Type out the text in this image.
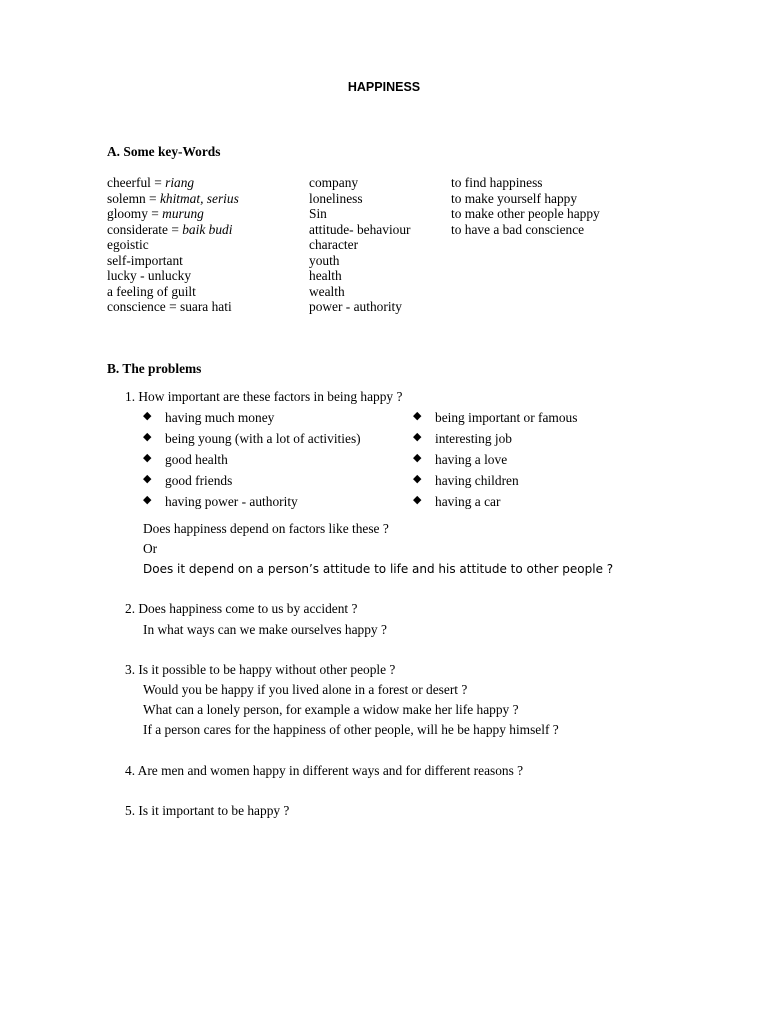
HAPPINESS
A. Some key-Words
cheerful = riang
solemn = khitmat, serius
gloomy = murung
considerate = baik budi
egoistic
self-important
lucky - unlucky
a feeling of guilt
conscience = suara hati
company
loneliness
Sin
attitude- behaviour
character
youth
health
wealth
power - authority
to find happiness
to make yourself happy
to make other people happy
to have a bad conscience
B. The problems
1. How important are these factors in being happy ?
◆ having much money
◆ being young (with a lot of activities)
◆ good health
◆ good friends
◆ having power - authority
◆ being important or famous
◆ interesting job
◆ having a love
◆ having children
◆ having a car
Does happiness depend on factors like these ?
Or
Does it depend on a person’s attitude to life and his attitude to other people ?
2. Does happiness come to us by accident ?
In what ways can we make ourselves happy ?
3. Is it possible to be happy without other people ?
Would you be happy if you lived alone in a forest or desert ?
What can a lonely person, for example a widow make her life happy ?
If a person cares for the happiness of other people, will he be happy himself ?
4. Are men and women happy in different ways and for different reasons ?
5. Is it important to be happy ?
